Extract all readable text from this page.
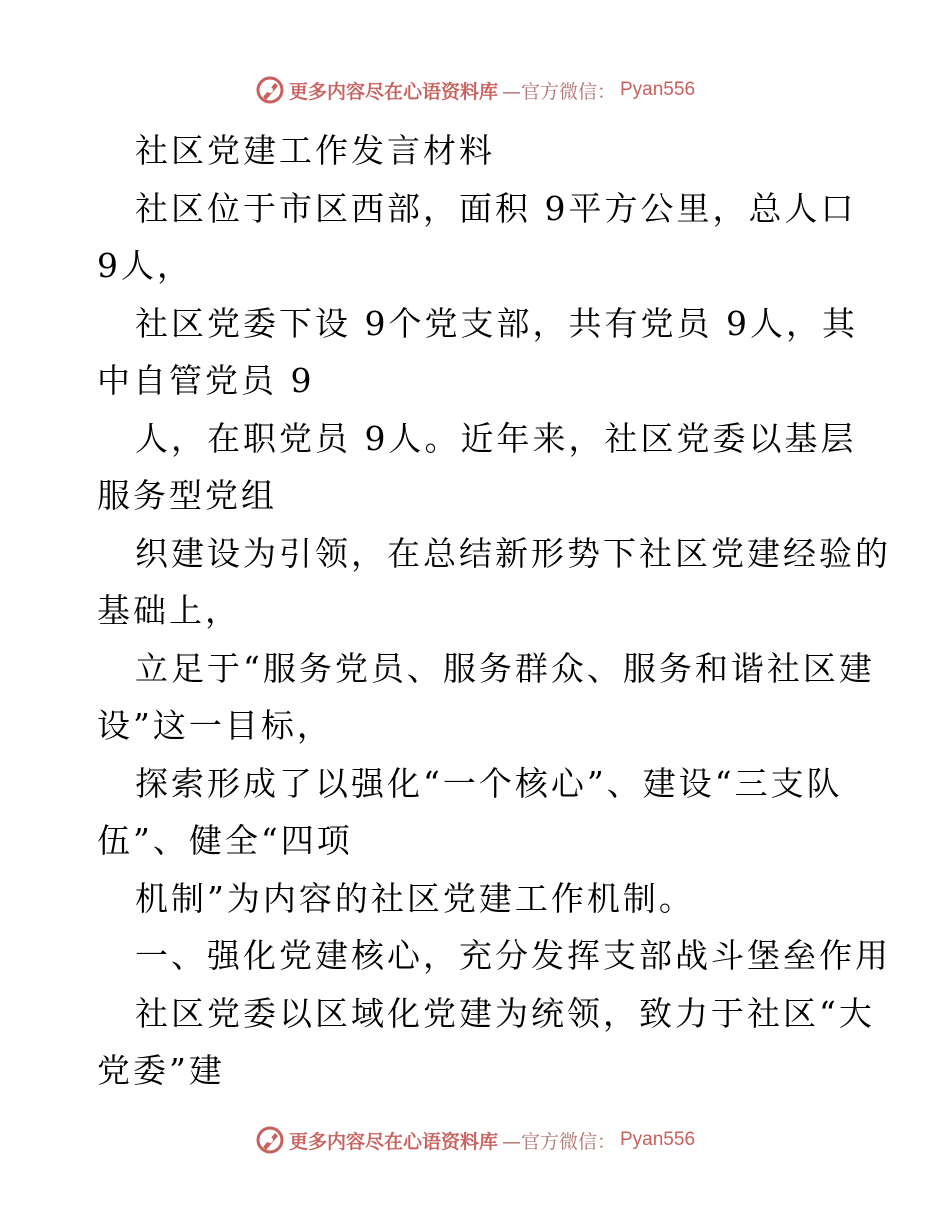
更多内容尽在心语资料库 —官方微信： Pyan556
社区党建工作发言材料
社区位于市区西部，面积 9平方公里，总人口
9人，
社区党委下设 9个党支部，共有党员 9人，其
中自管党员 9
人，在职党员 9人。近年来，社区党委以基层
服务型党组
织建设为引领，在总结新形势下社区党建经验的
基础上，
立足于“服务党员、服务群众、服务和谐社区建
设”这一目标，
探索形成了以强化“一个核心”、建设“三支队
伍”、健全“四项
机制”为内容的社区党建工作机制。
一、强化党建核心，充分发挥支部战斗堡垒作用
社区党委以区域化党建为统领，致力于社区“大
党委”建
更多内容尽在心语资料库 —官方微信： Pyan556
